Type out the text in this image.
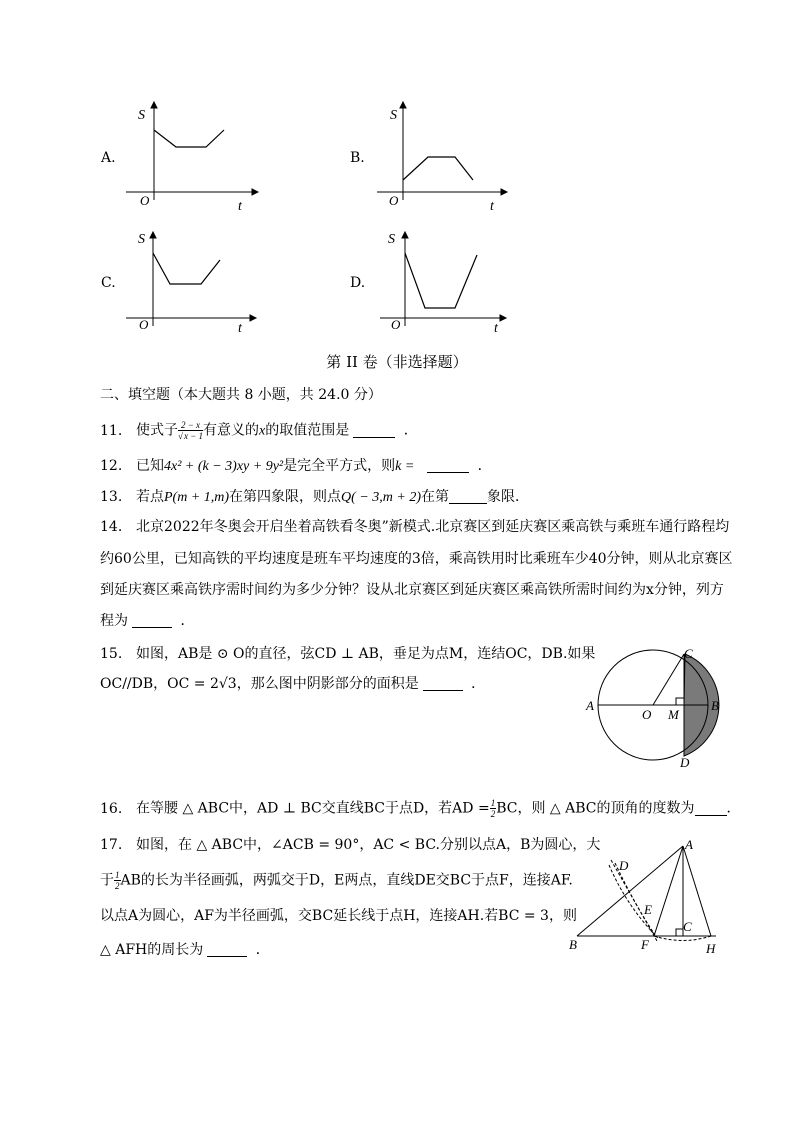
A.
S
t
O
B.
S
t
O
C.
S
t
O
D.
S
t
O
第 II 卷（非选择题）
二、填空题（本大题共 8 小题，共 24.0 分）
11. 使式子 $\frac{2 - x}{√x - 1}$ 有意义的x的取值范围是	．
12. 已知4x² + (k − 3)xy + 9y²是完全平方式，则k =	．
13. 若点P(m + 1,m)在第四象限，则点Q( − 3,m + 2)在第	象限．
14. 北京2022年冬奥会开启坐着高铁看冬奥”新模式.北京赛区到延庆赛区乘高铁与乘班车通行路程均
约60公里，已知高铁的平均速度是班车平均速度的3倍，乘高铁用时比乘班车少40分钟，则从北京赛区
到延庆赛区乘高铁序需时间约为多少分钟？设从北京赛区到延庆赛区乘高铁所需时间约为x分钟，列方
程为	．
15. 如图，AB是 ⊙ O的直径，弦CD ⊥ AB，垂足为点M，连结OC，DB.如果
OC//DB，OC = 2√3，那么图中阴影部分的面积是	．
A
O M
B
C
D
16. 在等腰 △ ABC中，AD ⊥ BC交直线BC于点D，若AD = $\frac{1}{2}$ BC，则 △ ABC的顶角的度数为 ．
17. 如图，在 △ ABC中，∠ACB = 90°，AC < BC.分别以点A，B为圆心，大
于 $\frac{1}{2}$ AB的长为半径画弧，两弧交于D，E两点，直线DE交BC于点F，连接AF.
以点A为圆心，AF为半径画弧，交BC延长线于点H，连接AH.若BC = 3，则
△ AFH的周长为	．
A
B
C
D
E
F	H
